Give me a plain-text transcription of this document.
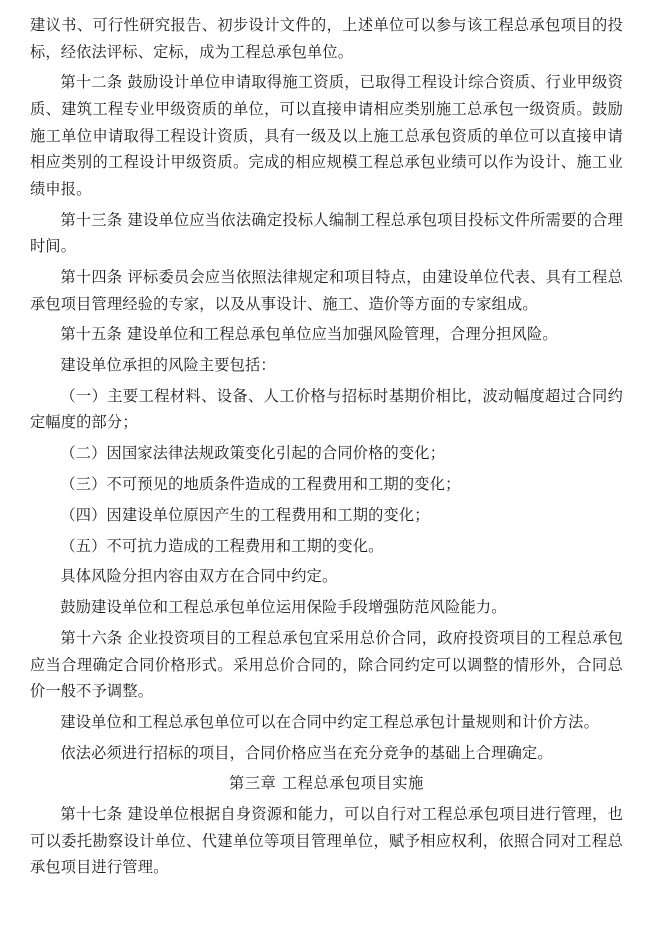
建议书、可行性研究报告、初步设计文件的，上述单位可以参与该工程总承包项目的投标，经依法评标、定标，成为工程总承包单位。

第十二条 鼓励设计单位申请取得施工资质，已取得工程设计综合资质、行业甲级资质、建筑工程专业甲级资质的单位，可以直接申请相应类别施工总承包一级资质。鼓励施工单位申请取得工程设计资质，具有一级及以上施工总承包资质的单位可以直接申请相应类别的工程设计甲级资质。完成的相应规模工程总承包业绩可以作为设计、施工业绩申报。

第十三条 建设单位应当依法确定投标人编制工程总承包项目投标文件所需要的合理时间。

第十四条 评标委员会应当依照法律规定和项目特点，由建设单位代表、具有工程总承包项目管理经验的专家，以及从事设计、施工、造价等方面的专家组成。

第十五条 建设单位和工程总承包单位应当加强风险管理，合理分担风险。

建设单位承担的风险主要包括：

（一）主要工程材料、设备、人工价格与招标时基期价相比，波动幅度超过合同约定幅度的部分；

（二）因国家法律法规政策变化引起的合同价格的变化；

（三）不可预见的地质条件造成的工程费用和工期的变化；

（四）因建设单位原因产生的工程费用和工期的变化；

（五）不可抗力造成的工程费用和工期的变化。

具体风险分担内容由双方在合同中约定。

鼓励建设单位和工程总承包单位运用保险手段增强防范风险能力。

第十六条 企业投资项目的工程总承包宜采用总价合同，政府投资项目的工程总承包应当合理确定合同价格形式。采用总价合同的，除合同约定可以调整的情形外，合同总价一般不予调整。

建设单位和工程总承包单位可以在合同中约定工程总承包计量规则和计价方法。

依法必须进行招标的项目，合同价格应当在充分竞争的基础上合理确定。

第三章 工程总承包项目实施

第十七条 建设单位根据自身资源和能力，可以自行对工程总承包项目进行管理，也可以委托勘察设计单位、代建单位等项目管理单位，赋予相应权利，依照合同对工程总承包项目进行管理。
